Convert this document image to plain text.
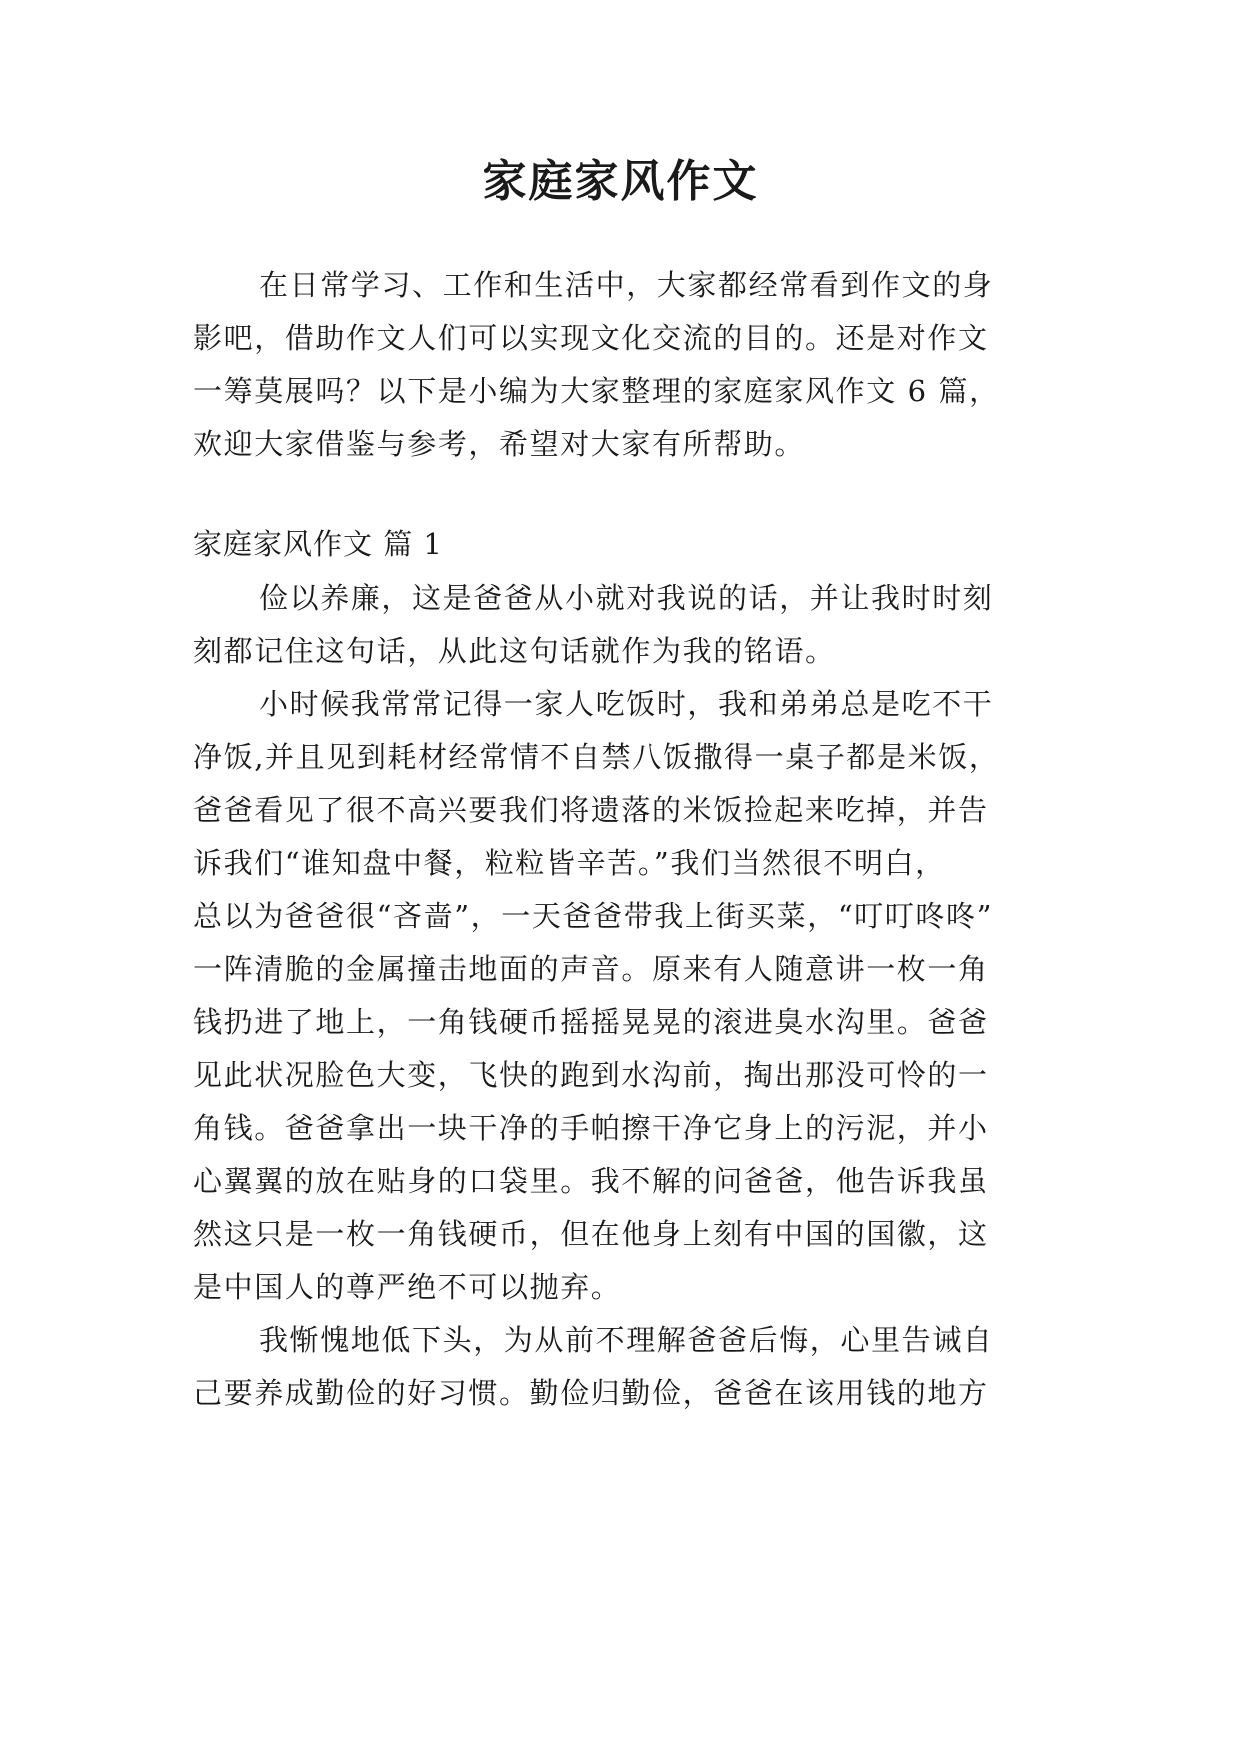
家庭家风作文
在日常学习、工作和生活中，大家都经常看到作文的身
影吧，借助作文人们可以实现文化交流的目的。还是对作文
一筹莫展吗？以下是小编为大家整理的家庭家风作文 6 篇，
欢迎大家借鉴与参考，希望对大家有所帮助。
家庭家风作文 篇 1
俭以养廉，这是爸爸从小就对我说的话，并让我时时刻
刻都记住这句话，从此这句话就作为我的铭语。
小时候我常常记得一家人吃饭时，我和弟弟总是吃不干
净饭,并且见到耗材经常情不自禁八饭撒得一桌子都是米饭，
爸爸看见了很不高兴要我们将遗落的米饭捡起来吃掉，并告
诉我们“谁知盘中餐，粒粒皆辛苦。”我们当然很不明白，
总以为爸爸很“吝啬”，一天爸爸带我上街买菜，“叮叮咚咚”
一阵清脆的金属撞击地面的声音。原来有人随意讲一枚一角
钱扔进了地上，一角钱硬币摇摇晃晃的滚进臭水沟里。爸爸
见此状况脸色大变，飞快的跑到水沟前，掏出那没可怜的一
角钱。爸爸拿出一块干净的手帕擦干净它身上的污泥，并小
心翼翼的放在贴身的口袋里。我不解的问爸爸，他告诉我虽
然这只是一枚一角钱硬币，但在他身上刻有中国的国徽，这
是中国人的尊严绝不可以抛弃。
我惭愧地低下头，为从前不理解爸爸后悔，心里告诫自
己要养成勤俭的好习惯。勤俭归勤俭，爸爸在该用钱的地方
